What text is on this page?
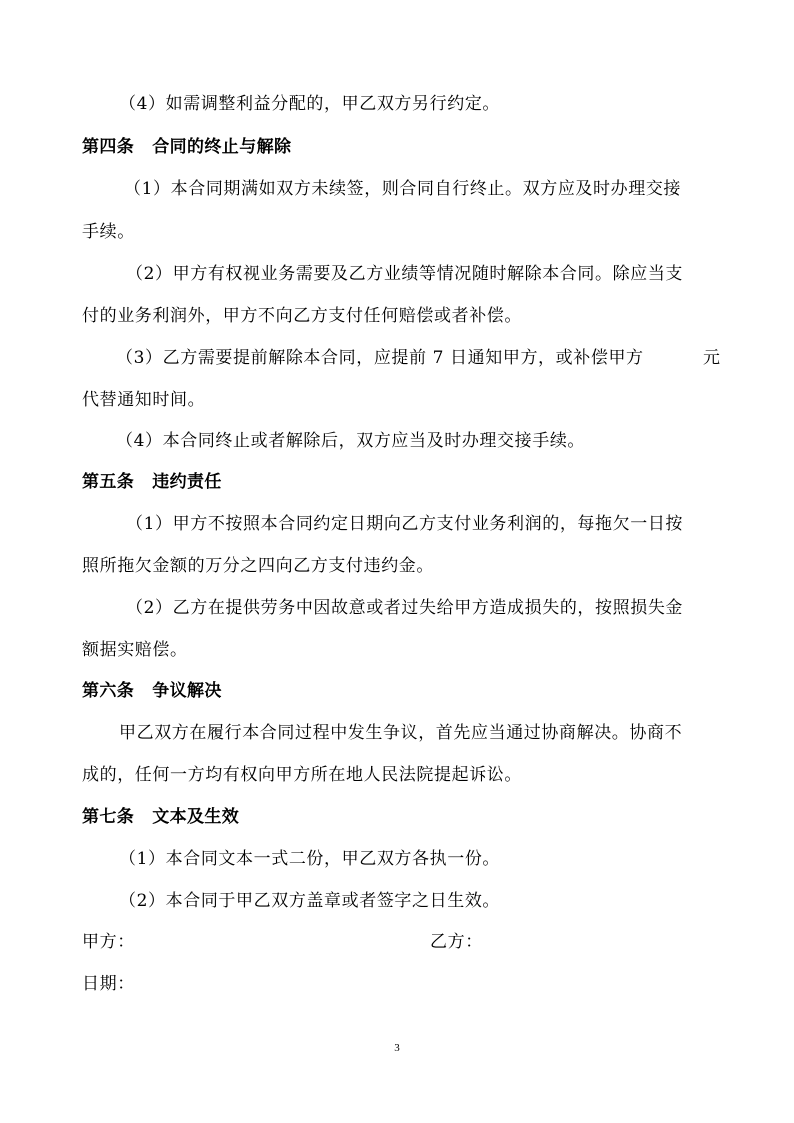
（4）如需调整利益分配的，甲乙双方另行约定。
第四条 合同的终止与解除
（1）本合同期满如双方未续签，则合同自行终止。双方应及时办理交接
手续。
（2）甲方有权视业务需要及乙方业绩等情况随时解除本合同。除应当支
付的业务利润外，甲方不向乙方支付任何赔偿或者补偿。
（3）乙方需要提前解除本合同，应提前 7 日通知甲方，或补偿甲方	元
代替通知时间。
（4）本合同终止或者解除后，双方应当及时办理交接手续。
第五条 违约责任
（1）甲方不按照本合同约定日期向乙方支付业务利润的，每拖欠一日按
照所拖欠金额的万分之四向乙方支付违约金。
（2）乙方在提供劳务中因故意或者过失给甲方造成损失的，按照损失金
额据实赔偿。
第六条 争议解决
甲乙双方在履行本合同过程中发生争议，首先应当通过协商解决。协商不
成的，任何一方均有权向甲方所在地人民法院提起诉讼。
第七条 文本及生效
（1）本合同文本一式二份，甲乙双方各执一份。
（2）本合同于甲乙双方盖章或者签字之日生效。
甲方：	乙方：
日期：
3
